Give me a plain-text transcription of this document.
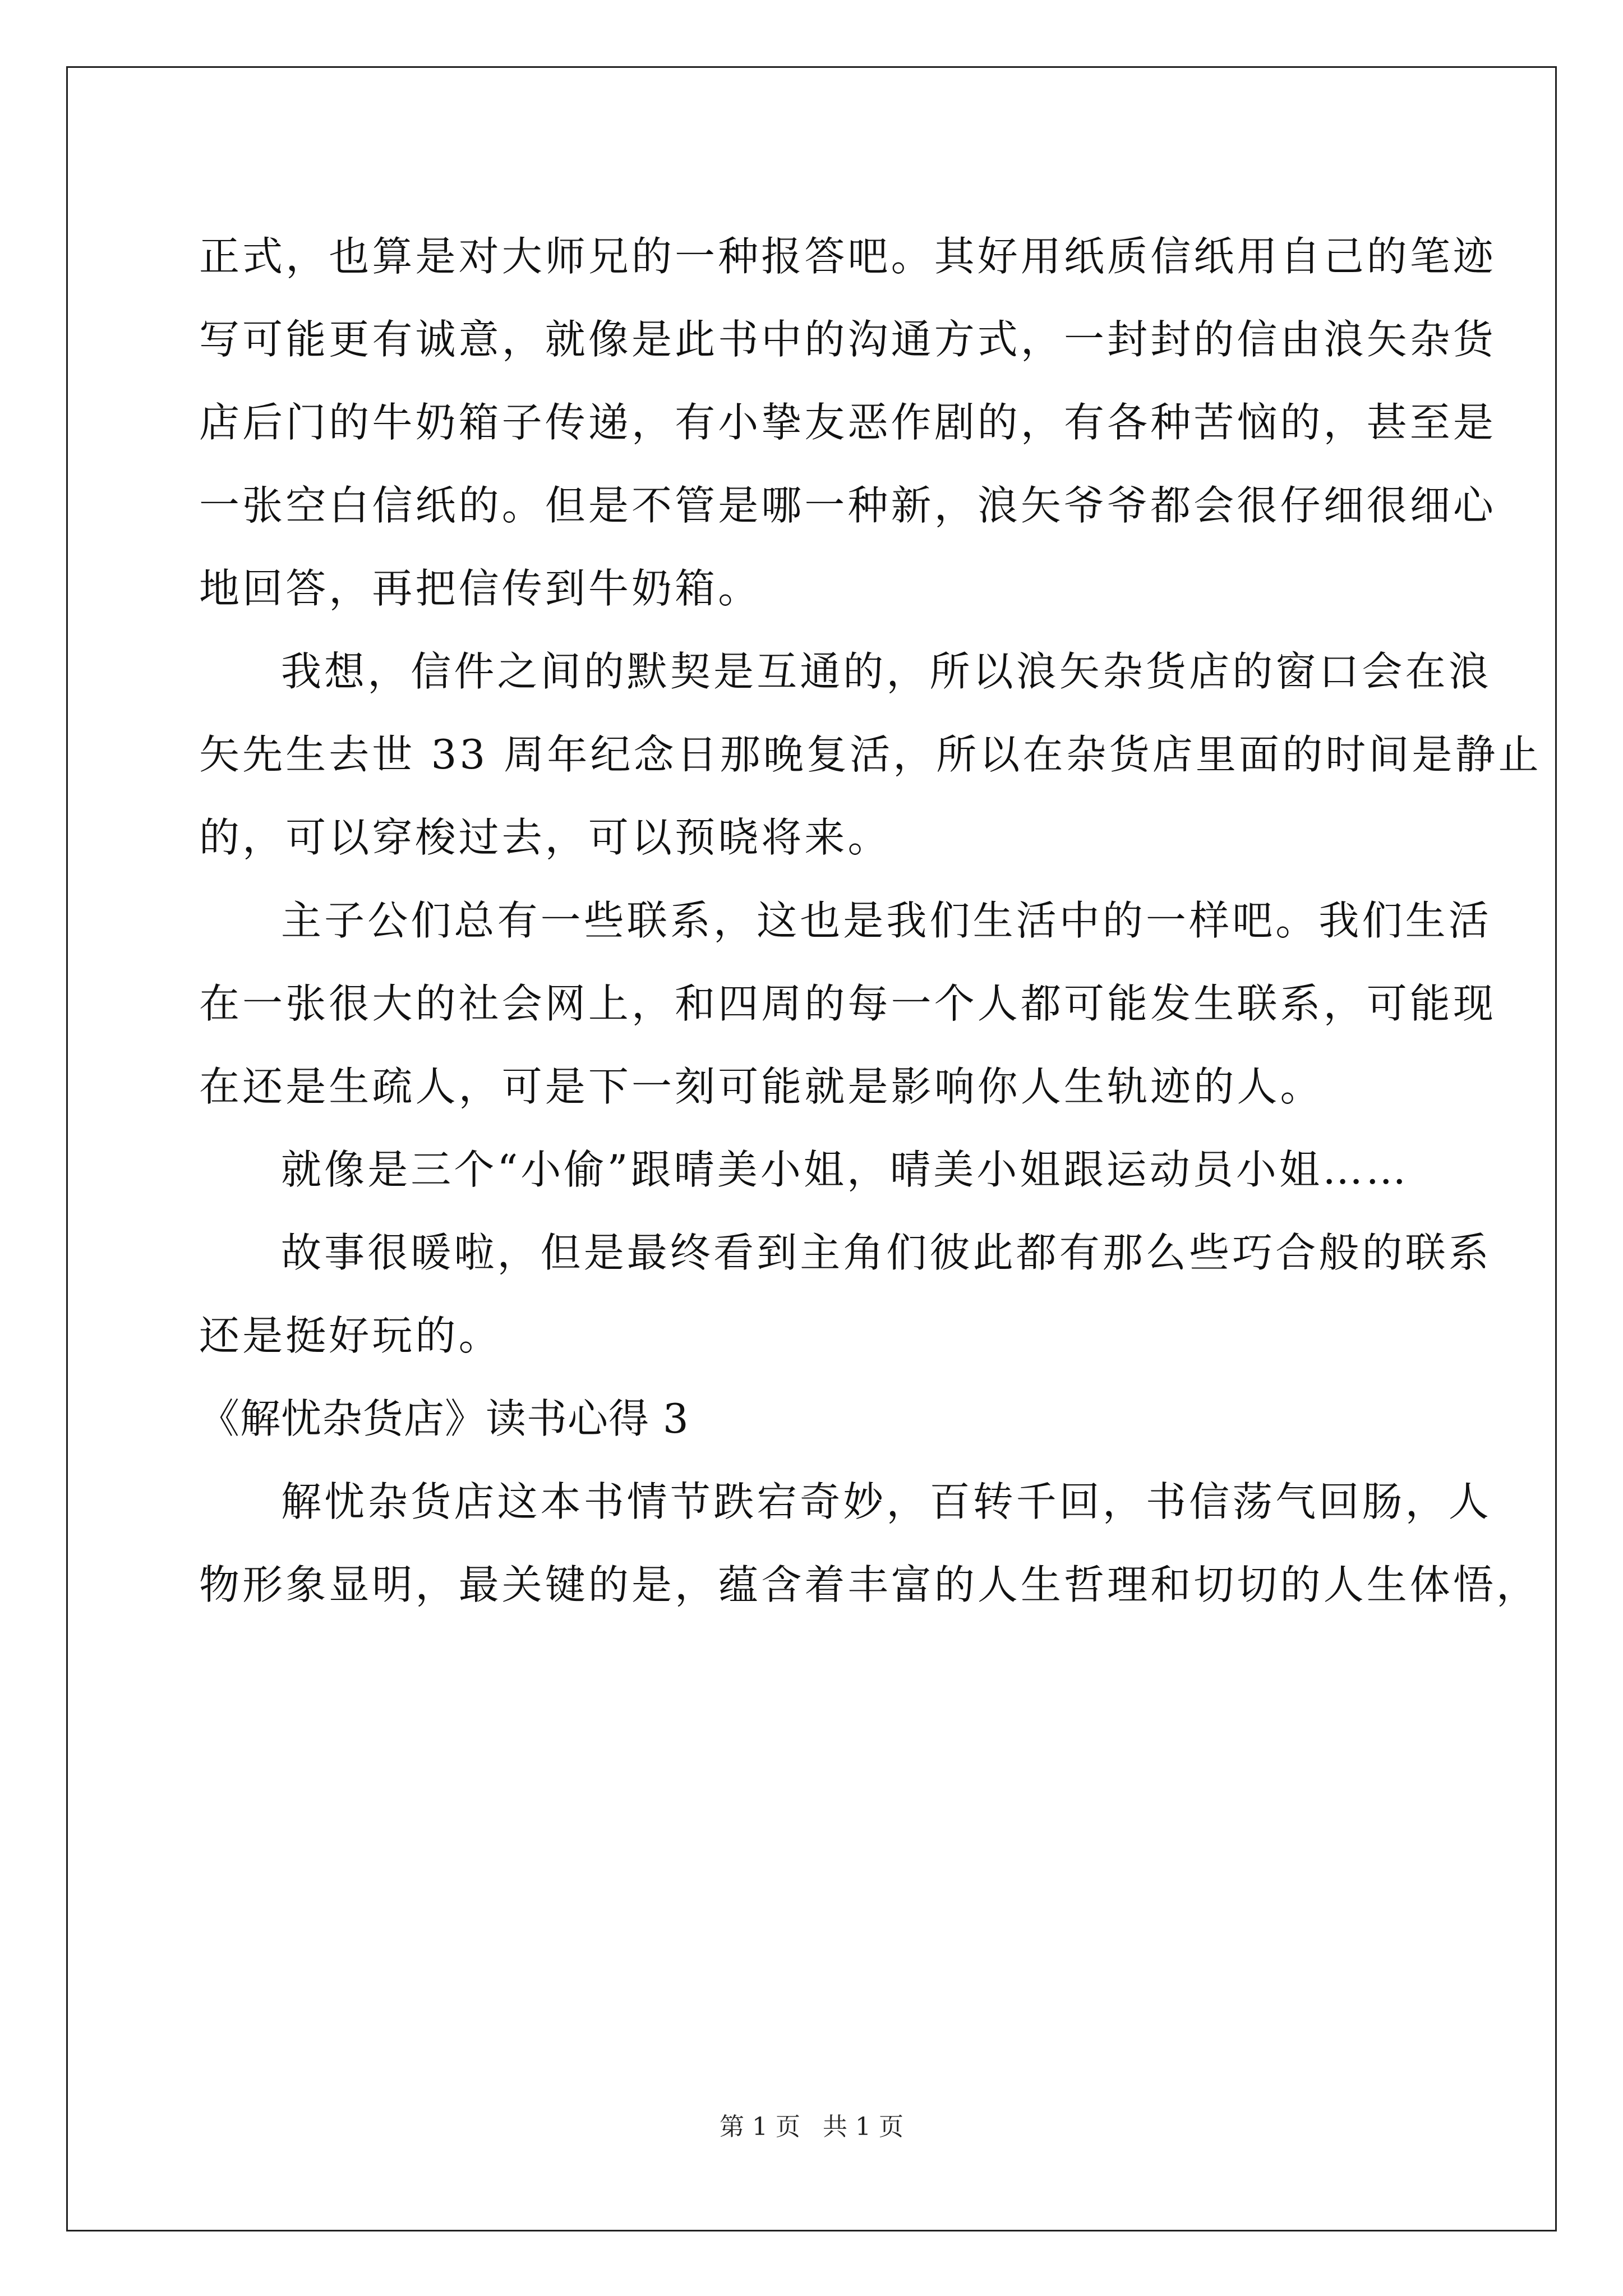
正式，也算是对大师兄的一种报答吧。其好用纸质信纸用自己的笔迹
写可能更有诚意，就像是此书中的沟通方式，一封封的信由浪矢杂货
店后门的牛奶箱子传递，有小挚友恶作剧的，有各种苦恼的，甚至是
一张空白信纸的。但是不管是哪一种新，浪矢爷爷都会很仔细很细心
地回答，再把信传到牛奶箱。
我想，信件之间的默契是互通的，所以浪矢杂货店的窗口会在浪
矢先生去世 33 周年纪念日那晚复活，所以在杂货店里面的时间是静止
的，可以穿梭过去，可以预晓将来。
主子公们总有一些联系，这也是我们生活中的一样吧。我们生活
在一张很大的社会网上，和四周的每一个人都可能发生联系，可能现
在还是生疏人，可是下一刻可能就是影响你人生轨迹的人。
就像是三个“小偷”跟晴美小姐，晴美小姐跟运动员小姐……
故事很暖啦，但是最终看到主角们彼此都有那么些巧合般的联系
还是挺好玩的。
《解忧杂货店》读书心得 3
解忧杂货店这本书情节跌宕奇妙，百转千回，书信荡气回肠，人
物形象显明，最关键的是，蕴含着丰富的人生哲理和切切的人生体悟，
第 1 页 共 1 页
